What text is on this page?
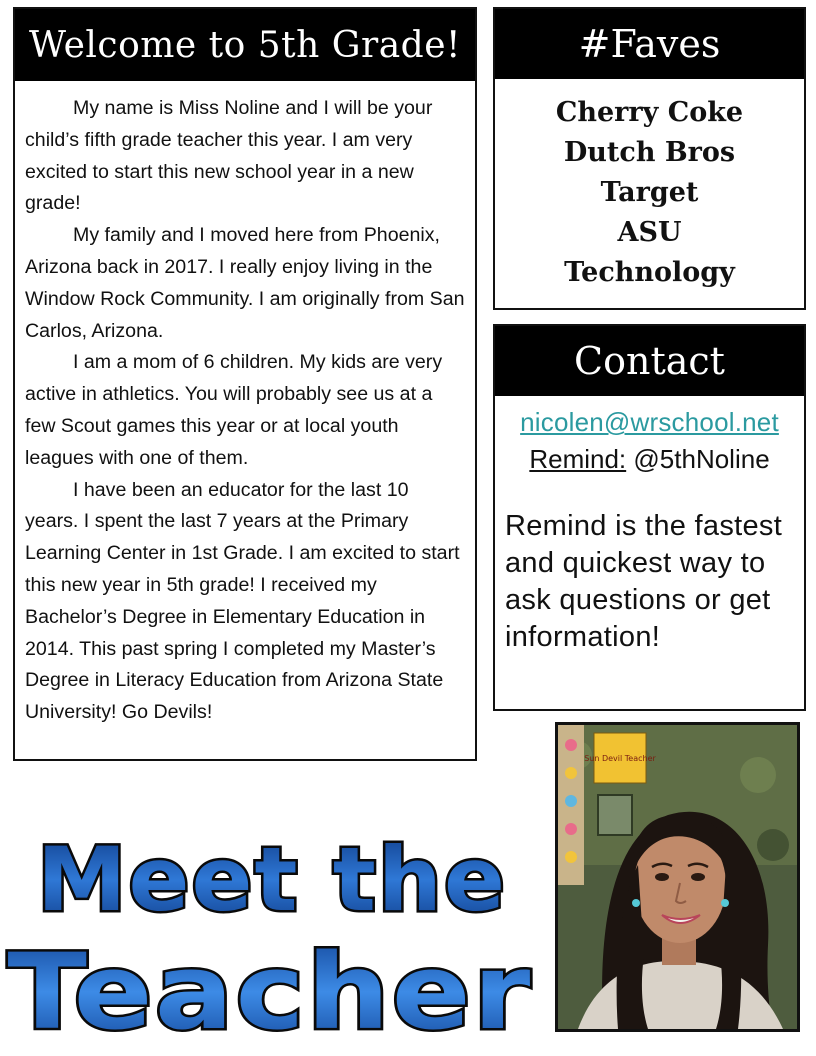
Welcome to 5th Grade!

My name is Miss Noline and I will be your child’s fifth grade teacher this year. I am very excited to start this new school year in a new grade!

My family and I moved here from Phoenix, Arizona back in 2017. I really enjoy living in the Window Rock Community. I am originally from San Carlos, Arizona.

I am a mom of 6 children. My kids are very active in athletics. You will probably see us at a few Scout games this year or at local youth leagues with one of them.

I have been an educator for the last 10 years. I spent the last 7 years at the Primary Learning Center in 1st Grade. I am excited to start this new year in 5th grade! I received my Bachelor’s Degree in Elementary Education in 2014. This past spring I completed my Master’s Degree in Literacy Education from Arizona State University! Go Devils!

#Faves
Cherry Coke
Dutch Bros
Target
ASU
Technology
Contact
nicolen@wrschool.net
Remind: @5thNoline
Remind is the fastest and quickest way to ask questions or get information!
Sun Devil Teacher
Meet the
Teacher
